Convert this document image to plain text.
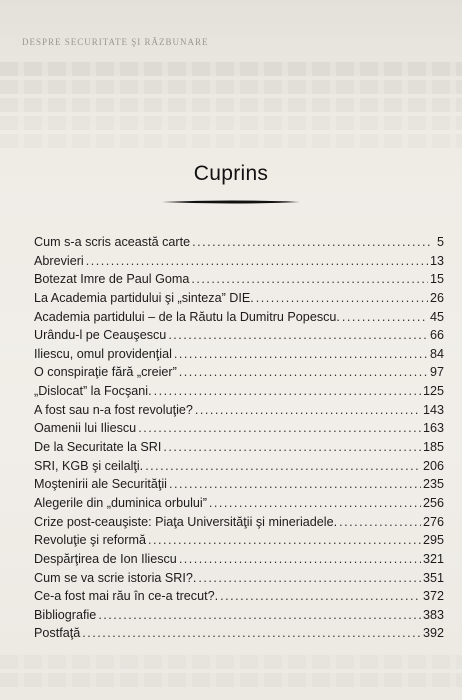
DESPRE SECURITATE ŞI RĂZBUNARE
Cuprins
Cum s-a scris această carte .....	5
Abrevieri .....	13
Botezat Imre de Paul Goma .....	15
La Academia partidului şi „sinteza” DIE. .....	26
Academia partidului – de la Răutu la Dumitru Popescu. .....	45
Urându-l pe Ceauşescu .....	66
Iliescu, omul providenţial .....	84
O conspiraţie fără „creier” .....	97
„Dislocat” la Focşani. .....	125
A fost sau n-a fost revoluţie? .....	143
Oamenii lui Iliescu .....	163
De la Securitate la SRI .....	185
SRI, KGB şi ceilalţi. .....	206
Moştenirii ale Securităţii .....	235
Alegerile din „duminica orbului” .....	256
Crize post-ceauşiste: Piaţa Universităţii şi mineriadele. .....	276
Revoluţie şi reformă .....	295
Despărţirea de Ion Iliescu .....	321
Cum se va scrie istoria SRI?. .....	351
Ce-a fost mai rău în ce-a trecut?. .....	372
Bibliografie .....	383
Postfaţă .....	392
